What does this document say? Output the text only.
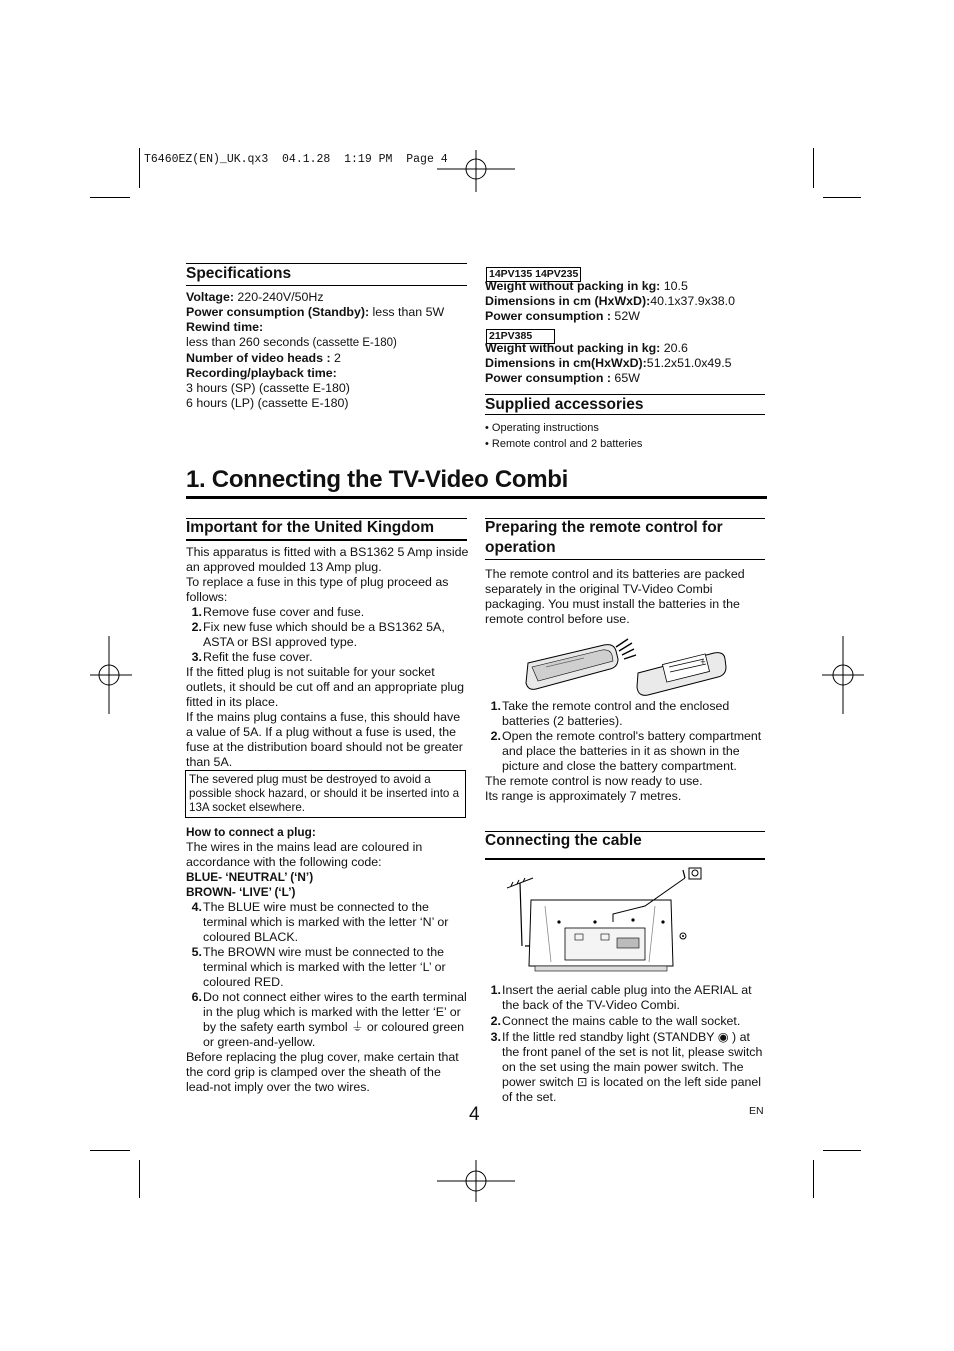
T6460EZ(EN)_UK.qx3  04.1.28  1:19 PM  Page 4
Specifications
Voltage: 220-240V/50Hz
Power consumption (Standby): less than 5W
Rewind time:
less than 260 seconds (cassette E-180)
Number of video heads : 2
Recording/playback time:
3 hours (SP) (cassette E-180)
6 hours (LP) (cassette E-180)
14PV135 14PV235
Weight without packing in kg: 10.5
Dimensions in cm (HxWxD):40.1x37.9x38.0
Power consumption : 52W
21PV385
Weight without packing in kg: 20.6
Dimensions in cm(HxWxD):51.2x51.0x49.5
Power consumption : 65W
Supplied accessories
• Operating instructions
• Remote control and 2 batteries
1. Connecting the TV-Video Combi
Important for the United Kingdom
This apparatus is fitted with a BS1362 5 Amp inside an approved moulded 13 Amp plug.
To replace a fuse in this type of plug proceed as follows:
1. Remove fuse cover and fuse.
2. Fix new fuse which should be a BS1362 5A, ASTA or BSI approved type.
3. Refit the fuse cover.
If the fitted plug is not suitable for your socket outlets, it should be cut off and an appropriate plug fitted in its place.
If the mains plug contains a fuse, this should have a value of 5A. If a plug without a fuse is used, the fuse at the distribution board should not be greater than 5A.
The severed plug must be destroyed to avoid a possible shock hazard, or should it be inserted into a 13A socket elsewhere.
How to connect a plug:
The wires in the mains lead are coloured in accordance with the following code:
BLUE- ‘NEUTRAL’ (‘N’)
BROWN- ‘LIVE’ (‘L’)
4. The BLUE wire must be connected to the terminal which is marked with the letter ‘N’ or coloured BLACK.
5. The BROWN wire must be connected to the terminal which is marked with the letter ‘L’ or coloured RED.
6. Do not connect either wires to the earth terminal in the plug which is marked with the letter ‘E’ or by the safety earth symbol ⏚ or coloured green or green-and-yellow.
Before replacing the plug cover, make certain that the cord grip is clamped over the sheath of the lead-not imply over the two wires.
Preparing the remote control for operation
The remote control and its batteries are packed separately in the original TV-Video Combi packaging. You must install the batteries in the remote control before use.
+
1. Take the remote control and the enclosed batteries (2 batteries).
2. Open the remote control's battery compartment and place the batteries in it as shown in the picture and close the battery compartment.
The remote control is now ready to use.
Its range is approximately 7 metres.
Connecting the cable
1. Insert the aerial cable plug into the AERIAL at the back of the TV-Video Combi.
2. Connect the mains cable to the wall socket.
3. If the little red standby light (STANDBY ◉ ) at the front panel of the set is not lit, please switch on the set using the main power switch. The power switch ⊡ is located on the left side panel of the set.
4	EN
